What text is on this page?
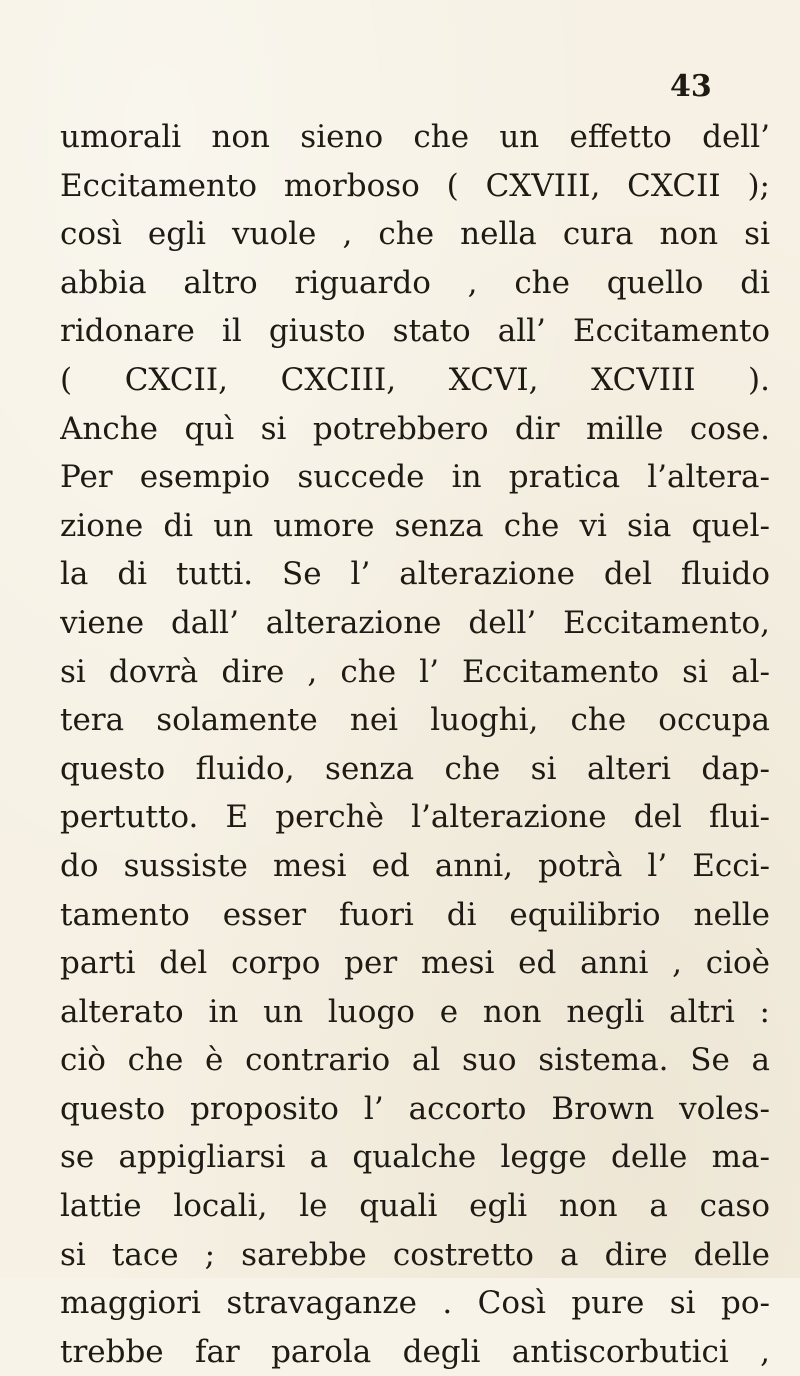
43
umorali non sieno che un effetto dell’
Eccitamento morboso ( CXVIII, CXCII );
così egli vuole , che nella cura non si
abbia altro riguardo , che quello di
ridonare il giusto stato all’ Eccitamento
( CXCII, CXCIII, XCVI, XCVIII ).
Anche quì si potrebbero dir mille cose.
Per esempio succede in pratica l’altera-
zione di un umore senza che vi sia quel-
la di tutti. Se l’ alterazione del fluido
viene dall’ alterazione dell’ Eccitamento,
si dovrà dire , che l’ Eccitamento si al-
tera solamente nei luoghi, che occupa
questo fluido, senza che si alteri dap-
pertutto. E perchè l’alterazione del flui-
do sussiste mesi ed anni, potrà l’ Ecci-
tamento esser fuori di equilibrio nelle
parti del corpo per mesi ed anni , cioè
alterato in un luogo e non negli altri :
ciò che è contrario al suo sistema. Se a
questo proposito l’ accorto Brown voles-
se appigliarsi a qualche legge delle ma-
lattie locali, le quali egli non a caso
si tace ; sarebbe costretto a dire delle
maggiori stravaganze . Così pure si po-
trebbe far parola degli antiscorbutici ,
